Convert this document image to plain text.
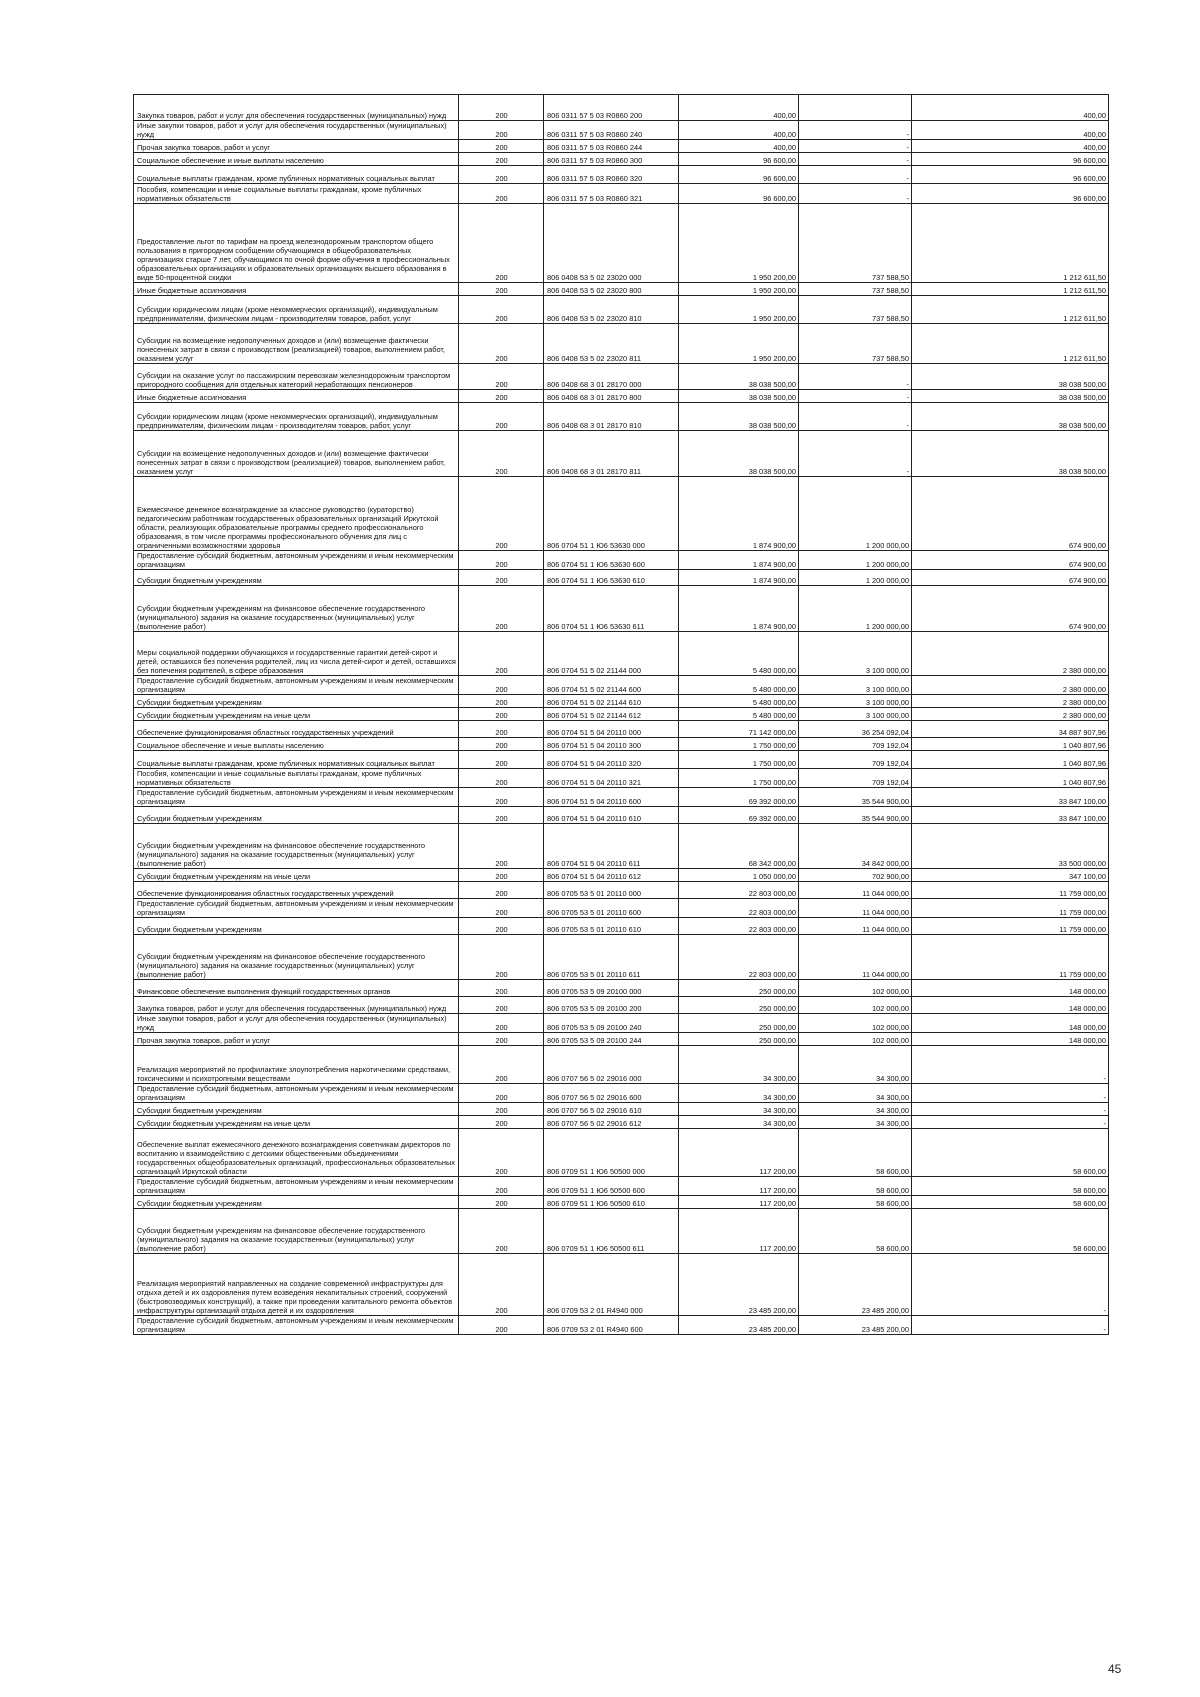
Закупка товаров, работ и услуг для обеспечения государственных (муниципальных) нужд	200	806 0311 57 5 03 R0860 200	400,00		400,00
Иные закупки товаров, работ и услуг для обеспечения государственных (муниципальных) нужд	200	806 0311 57 5 03 R0860 240	400,00	-	400,00
Прочая закупка товаров, работ и услуг	200	806 0311 57 5 03 R0860 244	400,00	-	400,00
Социальное обеспечение и иные выплаты населению	200	806 0311 57 5 03 R0860 300	96 600,00	-	96 600,00
Социальные выплаты гражданам, кроме публичных нормативных социальных выплат	200	806 0311 57 5 03 R0860 320	96 600,00	-	96 600,00
Пособия, компенсации и иные социальные выплаты гражданам, кроме публичных нормативных обязательств	200	806 0311 57 5 03 R0860 321	96 600,00	-	96 600,00
Предоставление льгот по тарифам на проезд железнодорожным транспортом общего пользования в пригородном сообщении обучающимся в общеобразовательных организациях старше 7 лет, обучающимся по очной форме обучения в профессиональных образовательных организациях и образовательных организациях высшего образования в виде 50-процентной скидки	200	806 0408 53 5 02 23020 000	1 950 200,00	737 588,50	1 212 611,50
Иные бюджетные ассигнования	200	806 0408 53 5 02 23020 800	1 950 200,00	737 588,50	1 212 611,50
Субсидии юридическим лицам (кроме некоммерческих организаций), индивидуальным предпринимателям, физическим лицам - производителям товаров, работ, услуг	200	806 0408 53 5 02 23020 810	1 950 200,00	737 588,50	1 212 611,50
Субсидии на возмещение недополученных доходов и (или) возмещение фактически понесенных затрат в связи с производством (реализацией) товаров, выполнением работ, оказанием услуг	200	806 0408 53 5 02 23020 811	1 950 200,00	737 588,50	1 212 611,50
Субсидии на оказание услуг по пассажирским перевозкам железнодорожным транспортом пригородного сообщения для отдельных категорий неработающих пенсионеров	200	806 0408 68 3 01 28170 000	38 038 500,00	-	38 038 500,00
Иные бюджетные ассигнования	200	806 0408 68 3 01 28170 800	38 038 500,00	-	38 038 500,00
Субсидии юридическим лицам (кроме некоммерческих организаций), индивидуальным предпринимателям, физическим лицам - производителям товаров, работ, услуг	200	806 0408 68 3 01 28170 810	38 038 500,00	-	38 038 500,00
Субсидии на возмещение недополученных доходов и (или) возмещение фактически понесенных затрат в связи с производством (реализацией) товаров, выполнением работ, оказанием услуг	200	806 0408 68 3 01 28170 811	38 038 500,00	-	38 038 500,00
Ежемесячное денежное вознаграждение за классное руководство (кураторство) педагогическим работникам государственных образовательных организаций Иркутской области, реализующих образовательные программы среднего профессионального образования, в том числе программы профессионального обучения для лиц с ограниченными возможностями здоровья	200	806 0704 51 1 Ю6 53630 000	1 874 900,00	1 200 000,00	674 900,00
Предоставление субсидий бюджетным, автономным учреждениям и иным некоммерческим организациям	200	806 0704 51 1 Ю6 53630 600	1 874 900,00	1 200 000,00	674 900,00
Субсидии бюджетным учреждениям	200	806 0704 51 1 Ю6 53630 610	1 874 900,00	1 200 000,00	674 900,00
Субсидии бюджетным учреждениям на финансовое обеспечение государственного (муниципального) задания на оказание государственных (муниципальных) услуг (выполнение работ)	200	806 0704 51 1 Ю6 53630 611	1 874 900,00	1 200 000,00	674 900,00
Меры социальной поддержки обучающихся и государственные гарантии детей-сирот и детей, оставшихся без попечения родителей, лиц из числа детей-сирот и детей, оставшихся без попечения родителей, в сфере образования	200	806 0704 51 5 02 21144 000	5 480 000,00	3 100 000,00	2 380 000,00
Предоставление субсидий бюджетным, автономным учреждениям и иным некоммерческим организациям	200	806 0704 51 5 02 21144 600	5 480 000,00	3 100 000,00	2 380 000,00
Субсидии бюджетным учреждениям	200	806 0704 51 5 02 21144 610	5 480 000,00	3 100 000,00	2 380 000,00
Субсидии бюджетным учреждениям на иные цели	200	806 0704 51 5 02 21144 612	5 480 000,00	3 100 000,00	2 380 000,00
Обеспечение функционирования областных государственных учреждений	200	806 0704 51 5 04 20110 000	71 142 000,00	36 254 092,04	34 887 907,96
Социальное обеспечение и иные выплаты населению	200	806 0704 51 5 04 20110 300	1 750 000,00	709 192,04	1 040 807,96
Социальные выплаты гражданам, кроме публичных нормативных социальных выплат	200	806 0704 51 5 04 20110 320	1 750 000,00	709 192,04	1 040 807,96
Пособия, компенсации и иные социальные выплаты гражданам, кроме публичных нормативных обязательств	200	806 0704 51 5 04 20110 321	1 750 000,00	709 192,04	1 040 807,96
Предоставление субсидий бюджетным, автономным учреждениям и иным некоммерческим организациям	200	806 0704 51 5 04 20110 600	69 392 000,00	35 544 900,00	33 847 100,00
Субсидии бюджетным учреждениям	200	806 0704 51 5 04 20110 610	69 392 000,00	35 544 900,00	33 847 100,00
Субсидии бюджетным учреждениям на финансовое обеспечение государственного (муниципального) задания на оказание государственных (муниципальных) услуг (выполнение работ)	200	806 0704 51 5 04 20110 611	68 342 000,00	34 842 000,00	33 500 000,00
Субсидии бюджетным учреждениям на иные цели	200	806 0704 51 5 04 20110 612	1 050 000,00	702 900,00	347 100,00
Обеспечение функционирования областных государственных учреждений	200	806 0705 53 5 01 20110 000	22 803 000,00	11 044 000,00	11 759 000,00
Предоставление субсидий бюджетным, автономным учреждениям и иным некоммерческим организациям	200	806 0705 53 5 01 20110 600	22 803 000,00	11 044 000,00	11 759 000,00
Субсидии бюджетным учреждениям	200	806 0705 53 5 01 20110 610	22 803 000,00	11 044 000,00	11 759 000,00
Субсидии бюджетным учреждениям на финансовое обеспечение государственного (муниципального) задания на оказание государственных (муниципальных) услуг (выполнение работ)	200	806 0705 53 5 01 20110 611	22 803 000,00	11 044 000,00	11 759 000,00
Финансовое обеспечение выполнения функций государственных органов	200	806 0705 53 5 09 20100 000	250 000,00	102 000,00	148 000,00
Закупка товаров, работ и услуг для обеспечения государственных (муниципальных) нужд	200	806 0705 53 5 09 20100 200	250 000,00	102 000,00	148 000,00
Иные закупки товаров, работ и услуг для обеспечения государственных (муниципальных) нужд	200	806 0705 53 5 09 20100 240	250 000,00	102 000,00	148 000,00
Прочая закупка товаров, работ и услуг	200	806 0705 53 5 09 20100 244	250 000,00	102 000,00	148 000,00
Реализация мероприятий по профилактике злоупотребления наркотическими средствами, токсическими и психотропными веществами	200	806 0707 56 5 02 29016 000	34 300,00	34 300,00	-
Предоставление субсидий бюджетным, автономным учреждениям и иным некоммерческим организациям	200	806 0707 56 5 02 29016 600	34 300,00	34 300,00	-
Субсидии бюджетным учреждениям	200	806 0707 56 5 02 29016 610	34 300,00	34 300,00	-
Субсидии бюджетным учреждениям на иные цели	200	806 0707 56 5 02 29016 612	34 300,00	34 300,00	-
Обеспечение выплат ежемесячного денежного вознаграждения советникам директоров по воспитанию и взаимодействию с детскими общественными объединениями государственных общеобразовательных организаций, профессиональных образовательных организаций Иркутской области	200	806 0709 51 1 Ю6 50500 000	117 200,00	58 600,00	58 600,00
Предоставление субсидий бюджетным, автономным учреждениям и иным некоммерческим организациям	200	806 0709 51 1 Ю6 50500 600	117 200,00	58 600,00	58 600,00
Субсидии бюджетным учреждениям	200	806 0709 51 1 Ю6 50500 610	117 200,00	58 600,00	58 600,00
Субсидии бюджетным учреждениям на финансовое обеспечение государственного (муниципального) задания на оказание государственных (муниципальных) услуг (выполнение работ)	200	806 0709 51 1 Ю6 50500 611	117 200,00	58 600,00	58 600,00
Реализация мероприятий направленных на создание современной инфраструктуры для отдыха детей и их оздоровления путем возведения некапитальных строений, сооружений (быстровозводимых конструкций), а также при проведении капитального ремонта объектов инфраструктуры организаций отдыха детей и их оздоровления	200	806 0709 53 2 01 R4940 000	23 485 200,00	23 485 200,00	-
Предоставление субсидий бюджетным, автономным учреждениям и иным некоммерческим организациям	200	806 0709 53 2 01 R4940 600	23 485 200,00	23 485 200,00	-
45
